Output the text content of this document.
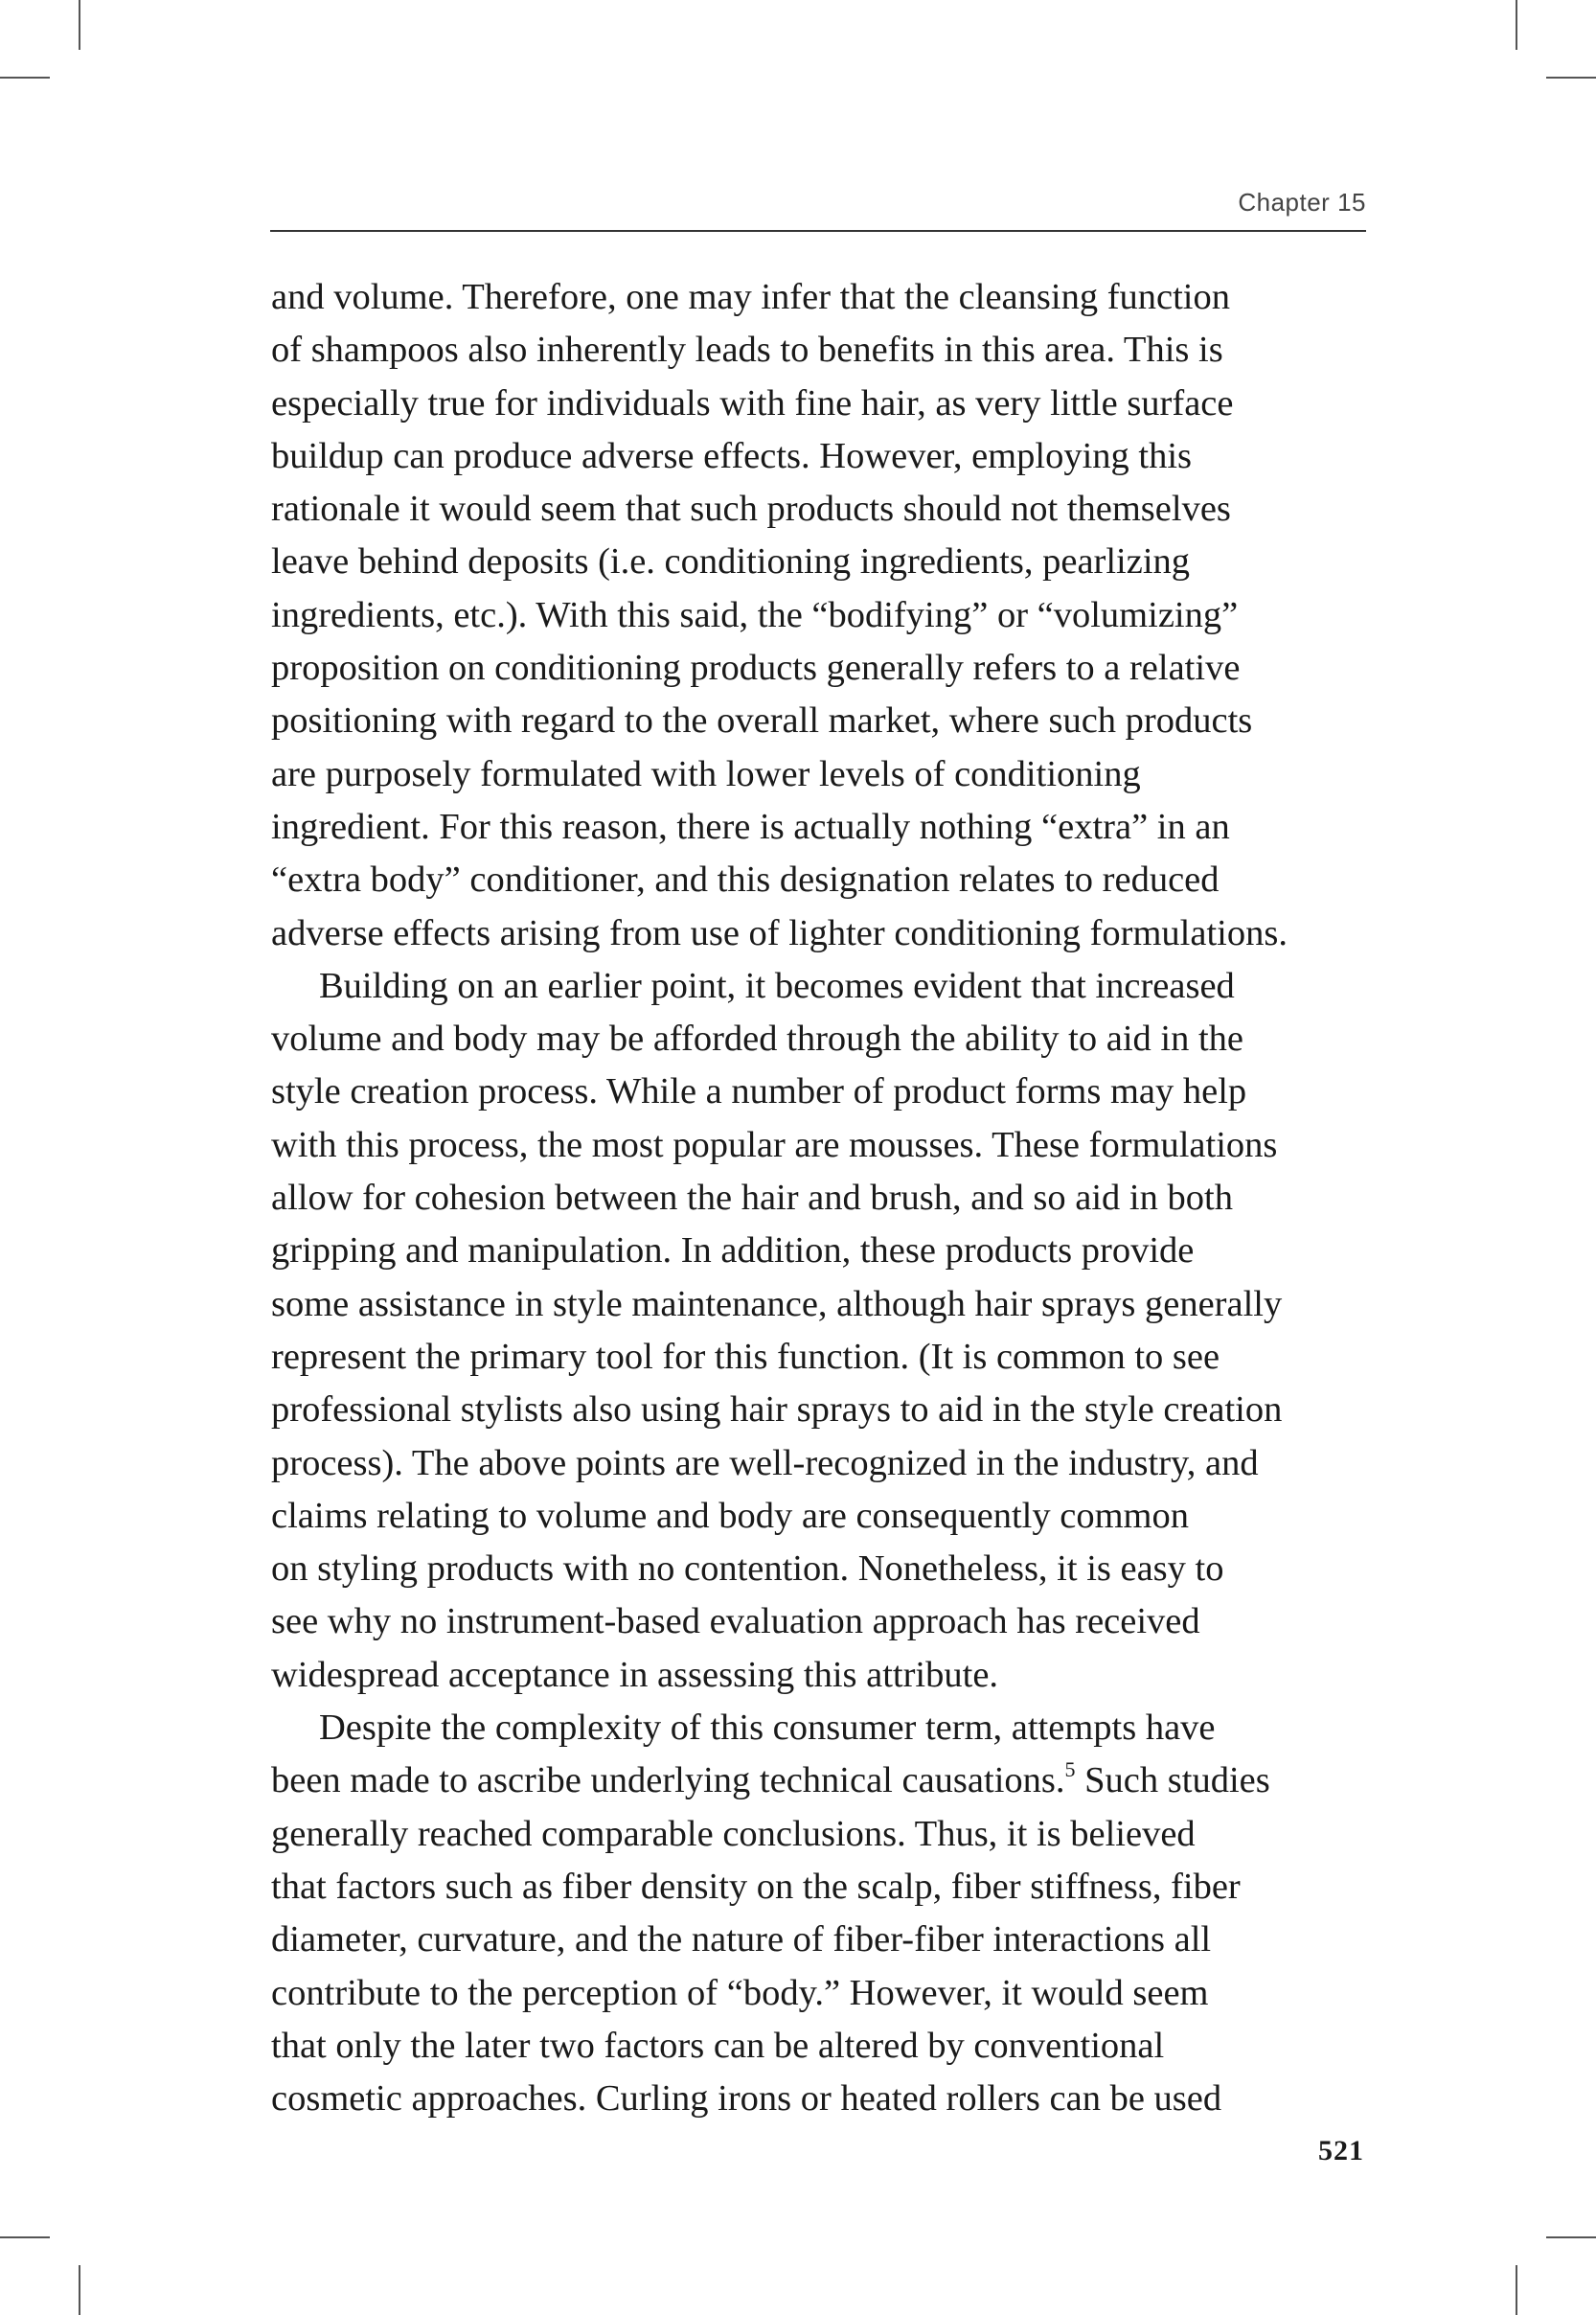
Chapter 15
and volume. Therefore, one may infer that the cleansing function
of shampoos also inherently leads to benefits in this area. This is
especially true for individuals with fine hair, as very little surface
buildup can produce adverse effects. However, employing this
rationale it would seem that such products should not themselves
leave behind deposits (i.e. conditioning ingredients, pearlizing
ingredients, etc.). With this said, the “bodifying” or “volumizing”
proposition on conditioning products generally refers to a relative
positioning with regard to the overall market, where such products
are purposely formulated with lower levels of conditioning
ingredient. For this reason, there is actually nothing “extra” in an
“extra body” conditioner, and this designation relates to reduced
adverse effects arising from use of lighter conditioning formulations.
Building on an earlier point, it becomes evident that increased
volume and body may be afforded through the ability to aid in the
style creation process. While a number of product forms may help
with this process, the most popular are mousses. These formulations
allow for cohesion between the hair and brush, and so aid in both
gripping and manipulation. In addition, these products provide
some assistance in style maintenance, although hair sprays generally
represent the primary tool for this function. (It is common to see
professional stylists also using hair sprays to aid in the style creation
process). The above points are well-recognized in the industry, and
claims relating to volume and body are consequently common
on styling products with no contention. Nonetheless, it is easy to
see why no instrument-based evaluation approach has received
widespread acceptance in assessing this attribute.
Despite the complexity of this consumer term, attempts have
been made to ascribe underlying technical causations.$^5$ Such studies
generally reached comparable conclusions. Thus, it is believed
that factors such as fiber density on the scalp, fiber stiffness, fiber
diameter, curvature, and the nature of fiber-fiber interactions all
contribute to the perception of “body.” However, it would seem
that only the later two factors can be altered by conventional
cosmetic approaches. Curling irons or heated rollers can be used
521
